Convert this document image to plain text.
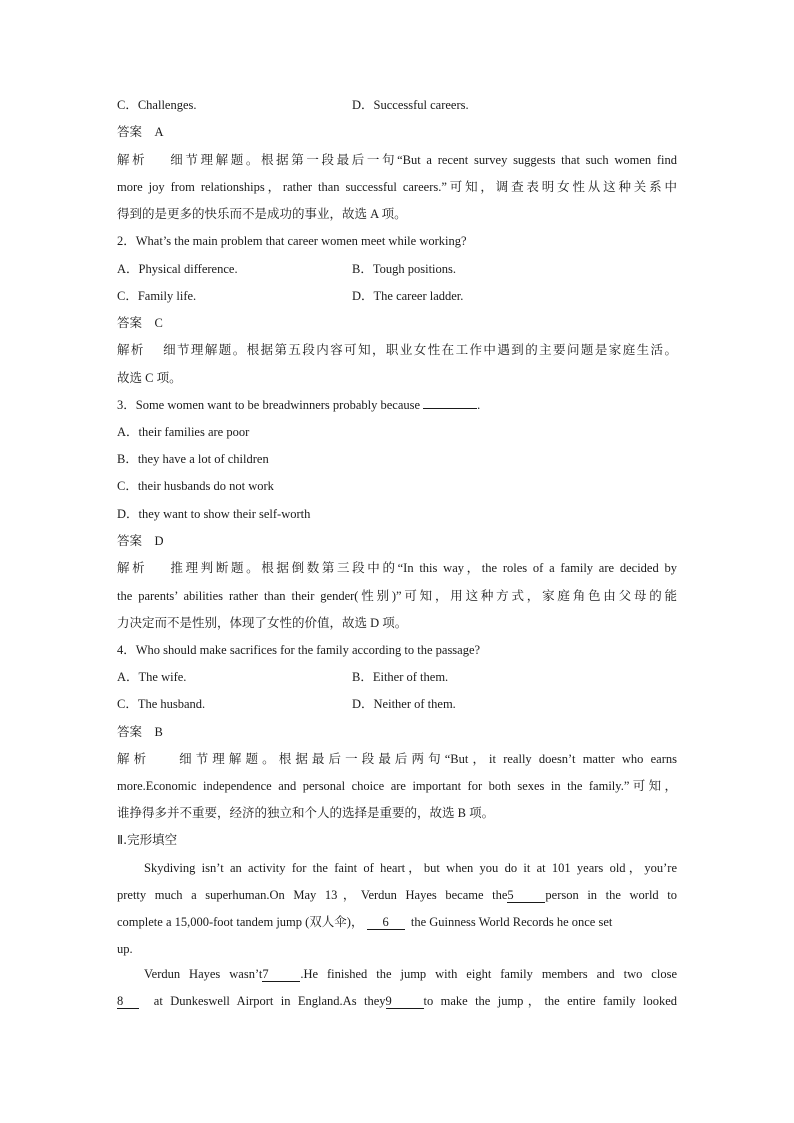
C．Challenges.	D．Successful careers.
答案 A
解析 细节理解题。根据第一段最后一句“But a recent survey suggests that such women find
more joy from relationships，rather than successful careers.”可知，调查表明女性从这种关系中
得到的是更多的快乐而不是成功的事业，故选 A 项。
2．What’s the main problem that career women meet while working?
A．Physical difference.	B．Tough positions.
C．Family life.	D．The career ladder.
答案 C
解析 细节理解题。根据第五段内容可知，职业女性在工作中遇到的主要问题是家庭生活。
故选 C 项。
3．Some women want to be breadwinners probably because	.
A．their families are poor
B．they have a lot of children
C．their husbands do not work
D．they want to show their self-worth
答案 D
解析 推理判断题。根据倒数第三段中的“In this way，the roles of a family are decided by
the parents’ abilities rather than their gender(性别)”可知，用这种方式，家庭角色由父母的能
力决定而不是性别，体现了女性的价值，故选 D 项。
4．Who should make sacrifices for the family according to the passage?
A．The wife.	B．Either of them.
C．The husband.	D．Neither of them.
答案 B
解析 细节理解题。根据最后一段最后两句“But，it really doesn’t matter who earns
more.Economic independence and personal choice are important for both sexes in the family.”可知，
谁挣得多并不重要，经济的独立和个人的选择是重要的，故选 B 项。
Ⅱ.完形填空
Skydiving isn’t an activity for the faint of heart，but when you do it at 101 years old，you’re
pretty much a superhuman.On May 13，Verdun Hayes became the5	person in the world to
complete a 15,000-foot tandem jump (双人伞)， 6 the Guinness World Records he once set
up.
Verdun Hayes wasn’t7	.He finished the jump with eight family members and two close
8 at Dunkeswell Airport in England.As they9	to make the jump，the entire family looked
